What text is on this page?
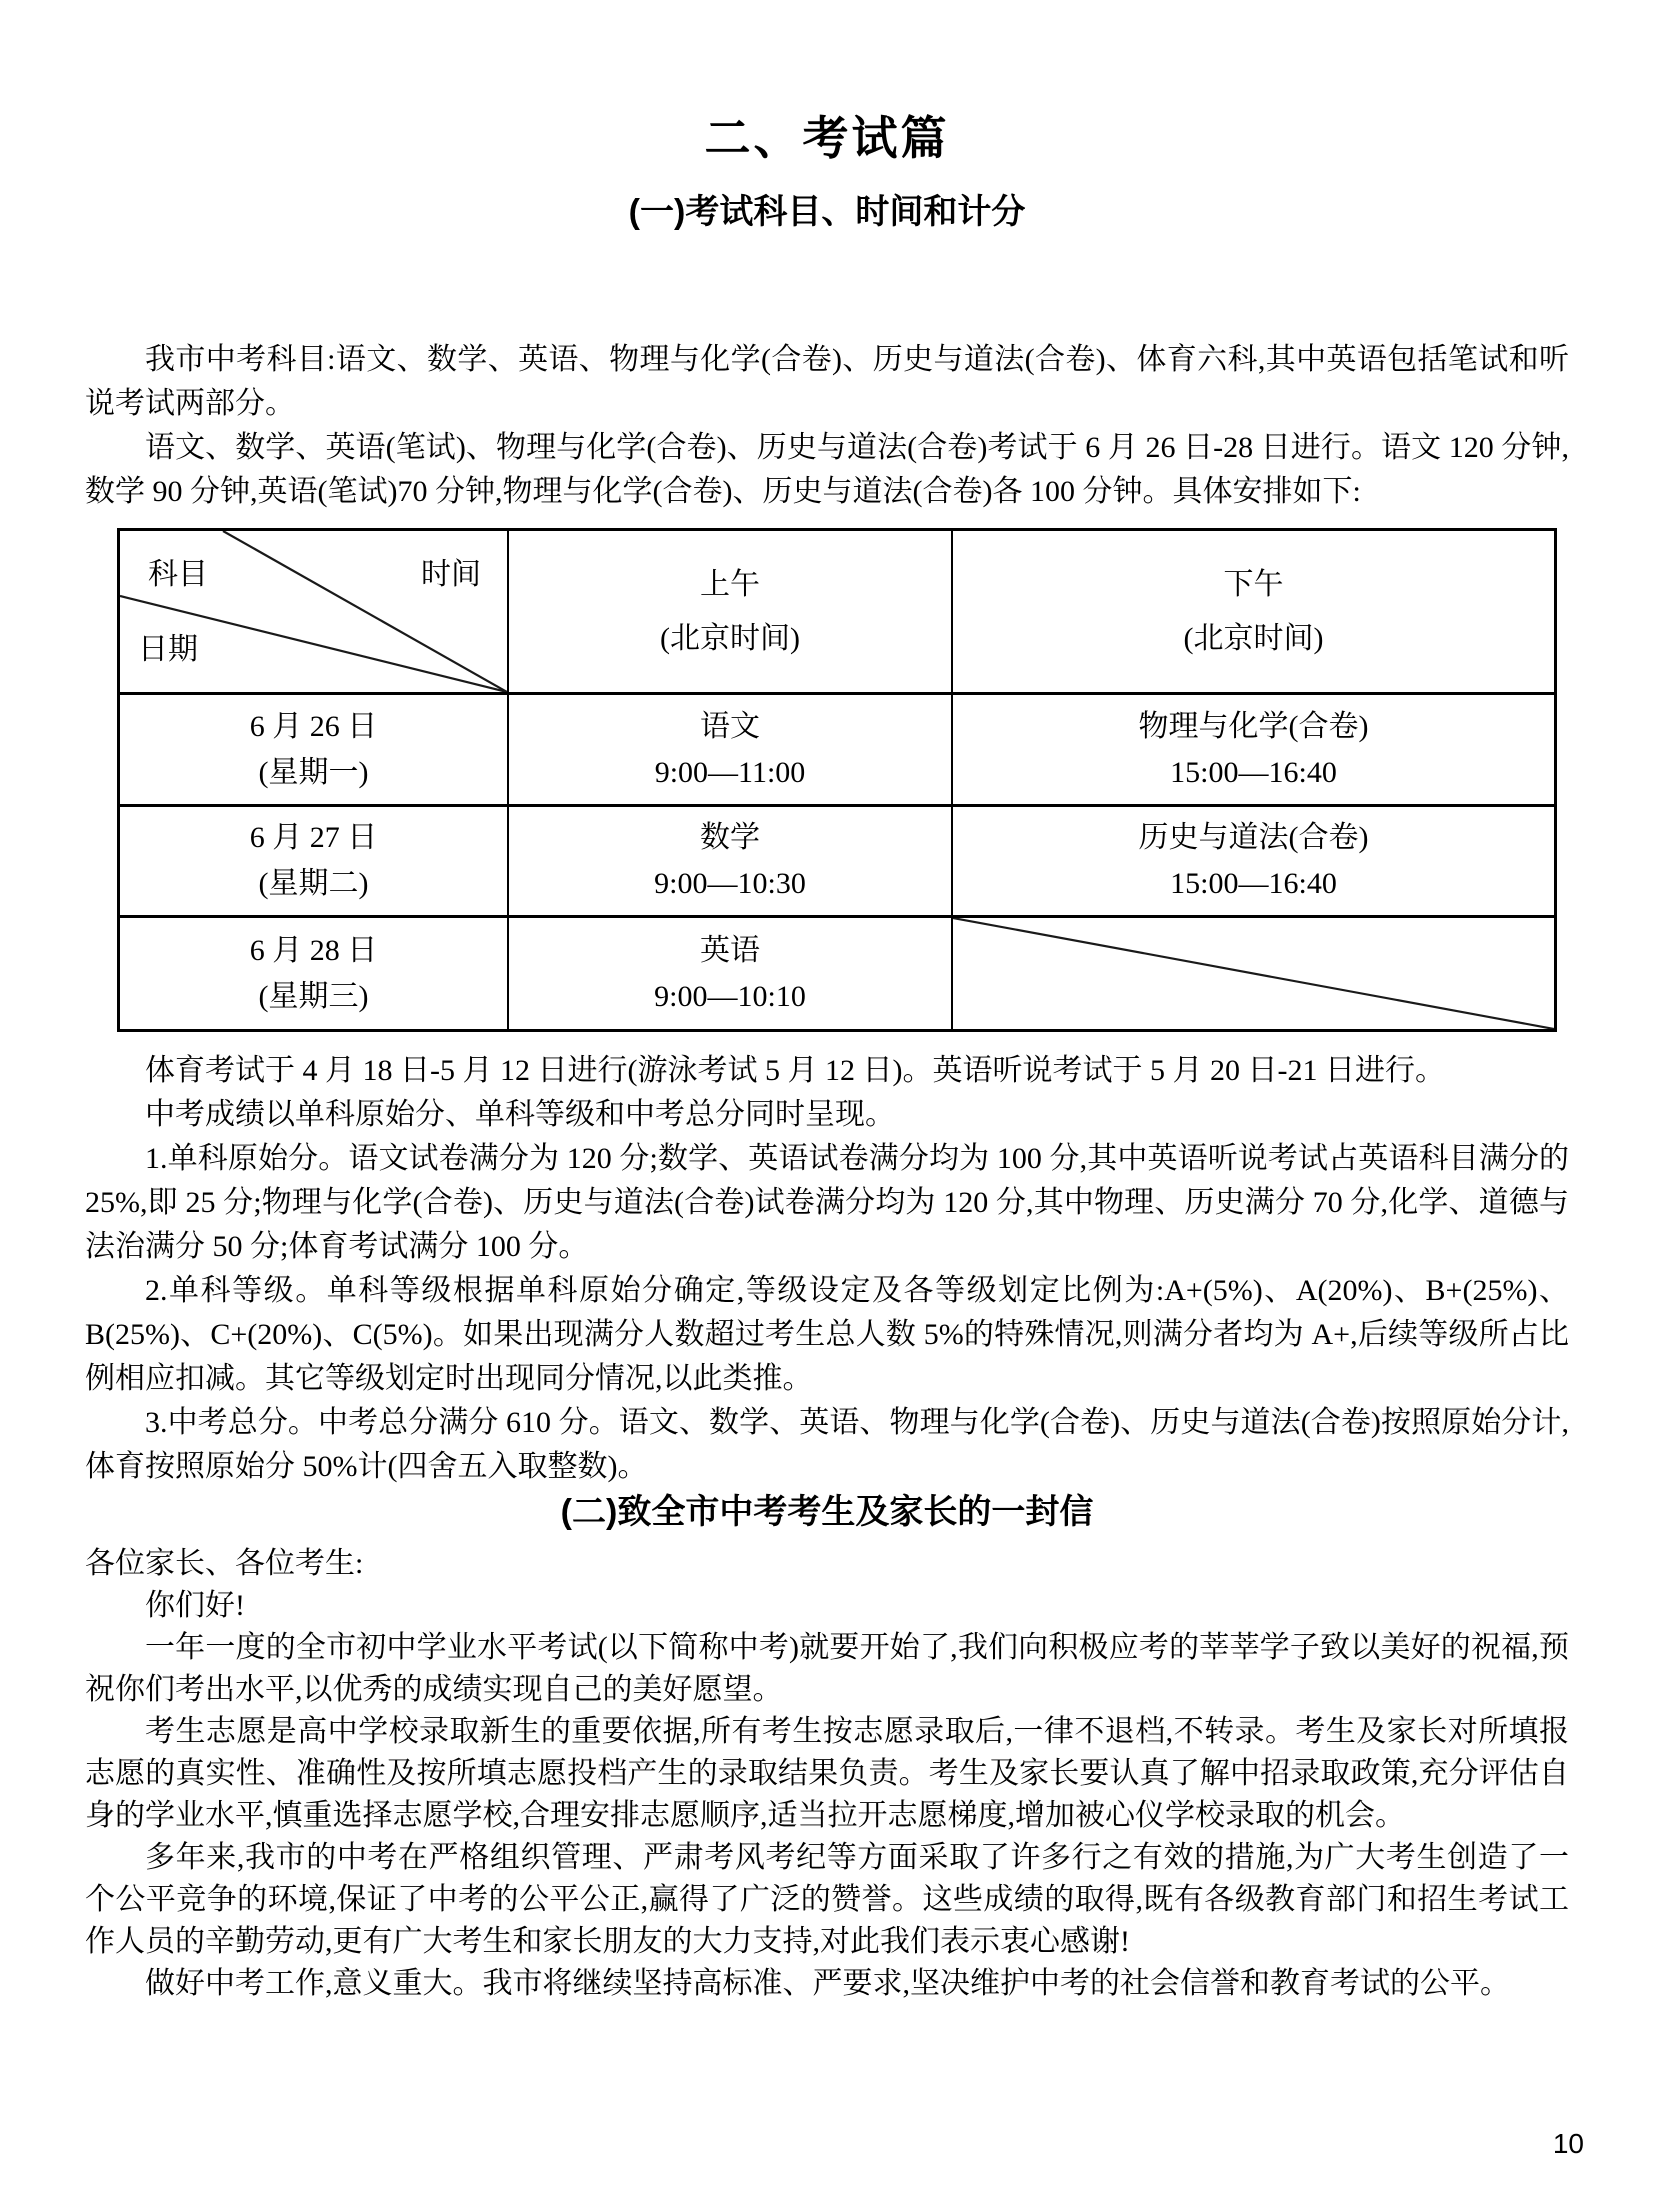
二、考试篇
(一)考试科目、时间和计分

我市中考科目:语文、数学、英语、物理与化学(合卷)、历史与道法(合卷)、体育六科,其中英语包括笔试和听说考试两部分。

语文、数学、英语(笔试)、物理与化学(合卷)、历史与道法(合卷)考试于 6 月 26 日-28 日进行。语文 120 分钟,数学 90 分钟,英语(笔试)70 分钟,物理与化学(合卷)、历史与道法(合卷)各 100 分钟。具体安排如下:

科目	时间
日期
上午
(北京时间)
下午
(北京时间)
6 月 26 日
(星期一)
语文
9:00—11:00
物理与化学(合卷)
15:00—16:40
6 月 27 日
(星期二)
数学
9:00—10:30
历史与道法(合卷)
15:00—16:40
6 月 28 日
(星期三)
英语
9:00—10:10

体育考试于 4 月 18 日-5 月 12 日进行(游泳考试 5 月 12 日)。英语听说考试于 5 月 20 日-21 日进行。

中考成绩以单科原始分、单科等级和中考总分同时呈现。

1.单科原始分。语文试卷满分为 120 分;数学、英语试卷满分均为 100 分,其中英语听说考试占英语科目满分的 25%,即 25 分;物理与化学(合卷)、历史与道法(合卷)试卷满分均为 120 分,其中物理、历史满分 70 分,化学、道德与法治满分 50 分;体育考试满分 100 分。

2.单科等级。单科等级根据单科原始分确定,等级设定及各等级划定比例为:A+(5%)、A(20%)、B+(25%)、B(25%)、C+(20%)、C(5%)。如果出现满分人数超过考生总人数 5%的特殊情况,则满分者均为 A+,后续等级所占比例相应扣减。其它等级划定时出现同分情况,以此类推。

3.中考总分。中考总分满分 610 分。语文、数学、英语、物理与化学(合卷)、历史与道法(合卷)按照原始分计,体育按照原始分 50%计(四舍五入取整数)。

(二)致全市中考考生及家长的一封信

各位家长、各位考生:

你们好!

一年一度的全市初中学业水平考试(以下简称中考)就要开始了,我们向积极应考的莘莘学子致以美好的祝福,预祝你们考出水平,以优秀的成绩实现自己的美好愿望。

考生志愿是高中学校录取新生的重要依据,所有考生按志愿录取后,一律不退档,不转录。考生及家长对所填报志愿的真实性、准确性及按所填志愿投档产生的录取结果负责。考生及家长要认真了解中招录取政策,充分评估自身的学业水平,慎重选择志愿学校,合理安排志愿顺序,适当拉开志愿梯度,增加被心仪学校录取的机会。

多年来,我市的中考在严格组织管理、严肃考风考纪等方面采取了许多行之有效的措施,为广大考生创造了一个公平竞争的环境,保证了中考的公平公正,赢得了广泛的赞誉。这些成绩的取得,既有各级教育部门和招生考试工作人员的辛勤劳动,更有广大考生和家长朋友的大力支持,对此我们表示衷心感谢!

做好中考工作,意义重大。我市将继续坚持高标准、严要求,坚决维护中考的社会信誉和教育考试的公平。

10
